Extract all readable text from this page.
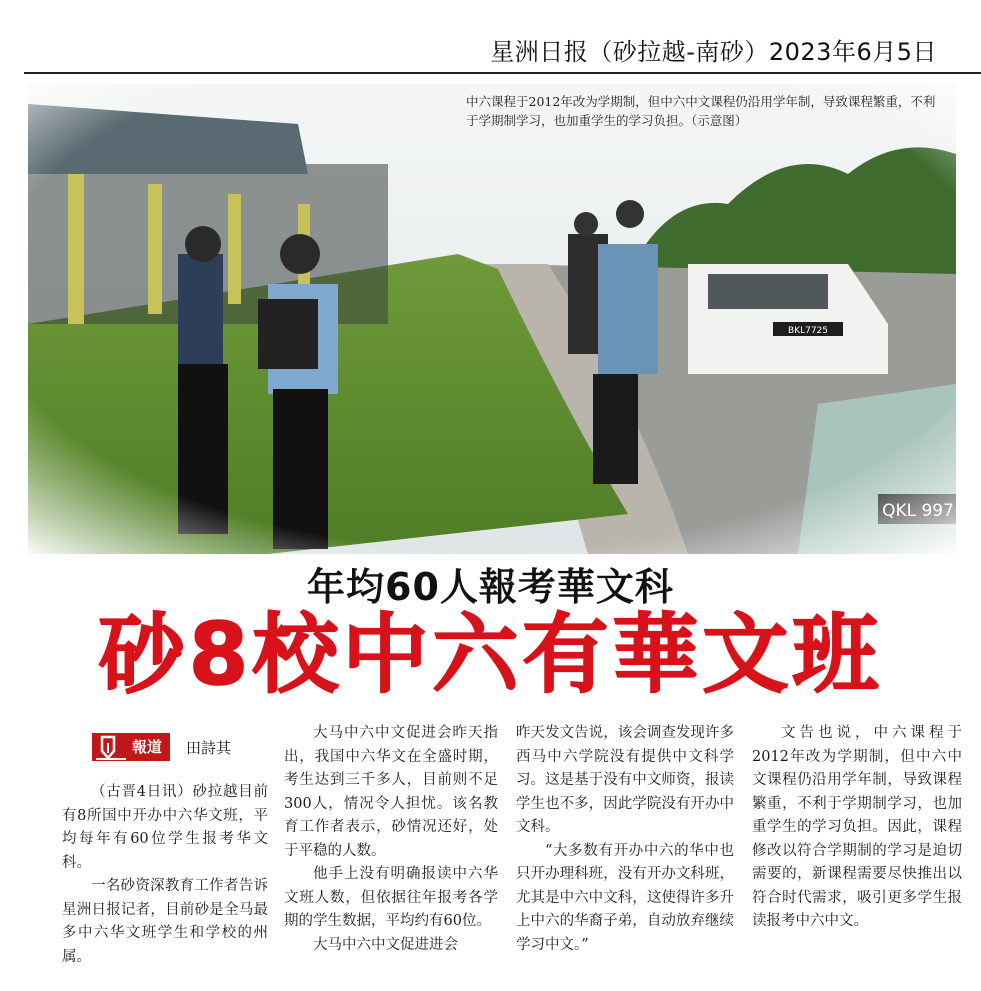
星洲日报（砂拉越-南砂）2023年6月5日
中六课程于2012年改为学期制，但中六中文课程仍沿用学年制，导致课程繁重，不利于学期制学习，也加重学生的学习负担。（示意图）
年均60人報考華文科
砂8校中六有華文班
報道	田詩其

（古晋4日讯）砂拉越目前有8所国中开办中六华文班，平均每年有60位学生报考华文科。

一名砂资深教育工作者告诉星洲日报记者，目前砂是全马最多中六华文班学生和学校的州属。

大马中六中文促进会昨天指出，我国中六华文在全盛时期，考生达到三千多人，目前则不足300人，情况令人担忧。该名教育工作者表示，砂情况还好，处于平稳的人数。

他手上没有明确报读中六华文班人数，但依据往年报考各学期的学生数据，平均约有60位。

大马中六中文促进进会

昨天发文告说，该会调查发现许多西马中六学院没有提供中文科学习。这是基于没有中文师资，报读学生也不多，因此学院没有开办中文科。

“大多数有开办中六的华中也只开办理科班，没有开办文科班，尤其是中六中文科，这使得许多升上中六的华裔子弟，自动放弃继续学习中文。”

文告也说，中六课程于2012年改为学期制，但中六中文课程仍沿用学年制，导致课程繁重，不利于学期制学习，也加重学生的学习负担。因此，课程修改以符合学期制的学习是迫切需要的，新课程需要尽快推出以符合时代需求，吸引更多学生报读报考中六中文。
